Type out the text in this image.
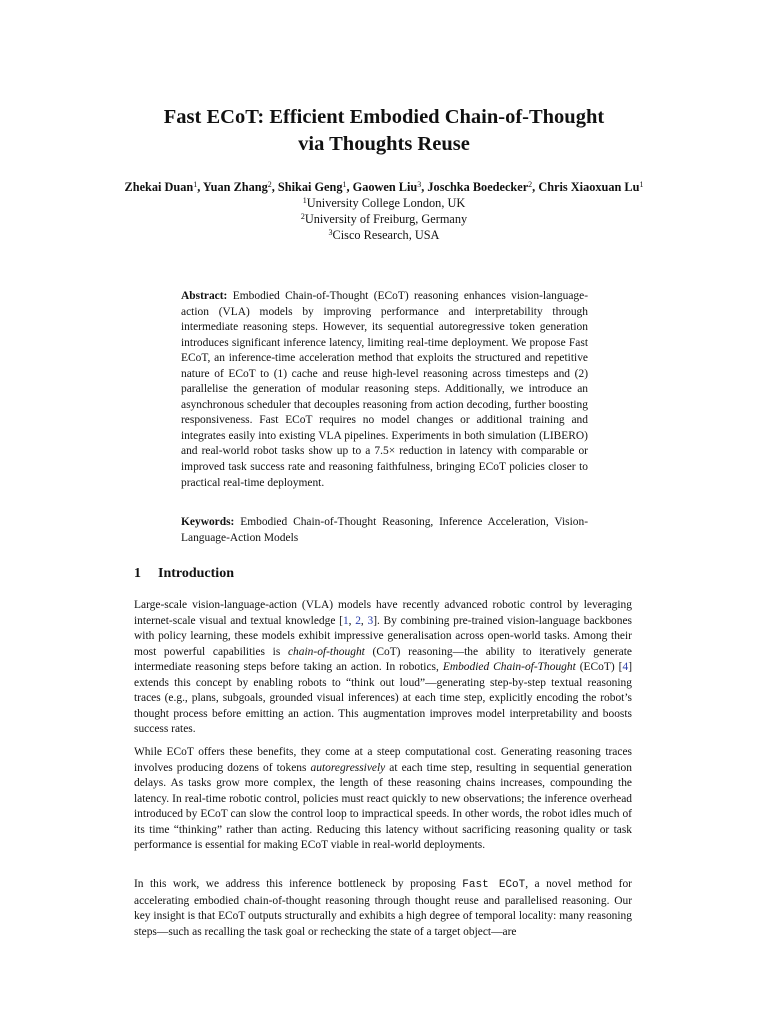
Fast ECoT: Efficient Embodied Chain-of-Thought
via Thoughts Reuse
Zhekai Duan$^1$, Yuan Zhang$^2$, Shikai Geng$^1$, Gaowen Liu$^3$, Joschka Boedecker$^2$, Chris Xiaoxuan Lu$^1$
$^1$University College London, UK
$^2$University of Freiburg, Germany
$^3$Cisco Research, USA

Abstract: Embodied Chain-of-Thought (ECoT) reasoning enhances vision-language-action (VLA) models by improving performance and interpretability through intermediate reasoning steps. However, its sequential autoregressive token generation introduces significant inference latency, limiting real-time deployment. We propose Fast ECoT, an inference-time acceleration method that exploits the structured and repetitive nature of ECoT to (1) cache and reuse high-level reasoning across timesteps and (2) parallelise the generation of modular reasoning steps. Additionally, we introduce an asynchronous scheduler that decouples reasoning from action decoding, further boosting responsiveness. Fast ECoT requires no model changes or additional training and integrates easily into existing VLA pipelines. Experiments in both simulation (LIBERO) and real-world robot tasks show up to a 7.5× reduction in latency with comparable or improved task success rate and reasoning faithfulness, bringing ECoT policies closer to practical real-time deployment.

Keywords: Embodied Chain-of-Thought Reasoning, Inference Acceleration, Vision-Language-Action Models

1 Introduction

Large-scale vision-language-action (VLA) models have recently advanced robotic control by leveraging internet-scale visual and textual knowledge [1, 2, 3]. By combining pre-trained vision-language backbones with policy learning, these models exhibit impressive generalisation across open-world tasks. Among their most powerful capabilities is chain-of-thought (CoT) reasoning—the ability to iteratively generate intermediate reasoning steps before taking an action. In robotics, Embodied Chain-of-Thought (ECoT) [4] extends this concept by enabling robots to “think out loud”—generating step-by-step textual reasoning traces (e.g., plans, subgoals, grounded visual inferences) at each time step, explicitly encoding the robot’s thought process before emitting an action. This augmentation improves model interpretability and boosts success rates.

While ECoT offers these benefits, they come at a steep computational cost. Generating reasoning traces involves producing dozens of tokens autoregressively at each time step, resulting in sequential generation delays. As tasks grow more complex, the length of these reasoning chains increases, compounding the latency. In real-time robotic control, policies must react quickly to new observations; the inference overhead introduced by ECoT can slow the control loop to impractical speeds. In other words, the robot idles much of its time “thinking” rather than acting. Reducing this latency without sacrificing reasoning quality or task performance is essential for making ECoT viable in real-world deployments.

In this work, we address this inference bottleneck by proposing Fast ECoT, a novel method for accelerating embodied chain-of-thought reasoning through thought reuse and parallelised reasoning. Our key insight is that ECoT outputs structurally and exhibits a high degree of temporal locality: many reasoning steps—such as recalling the task goal or rechecking the state of a target object—are
